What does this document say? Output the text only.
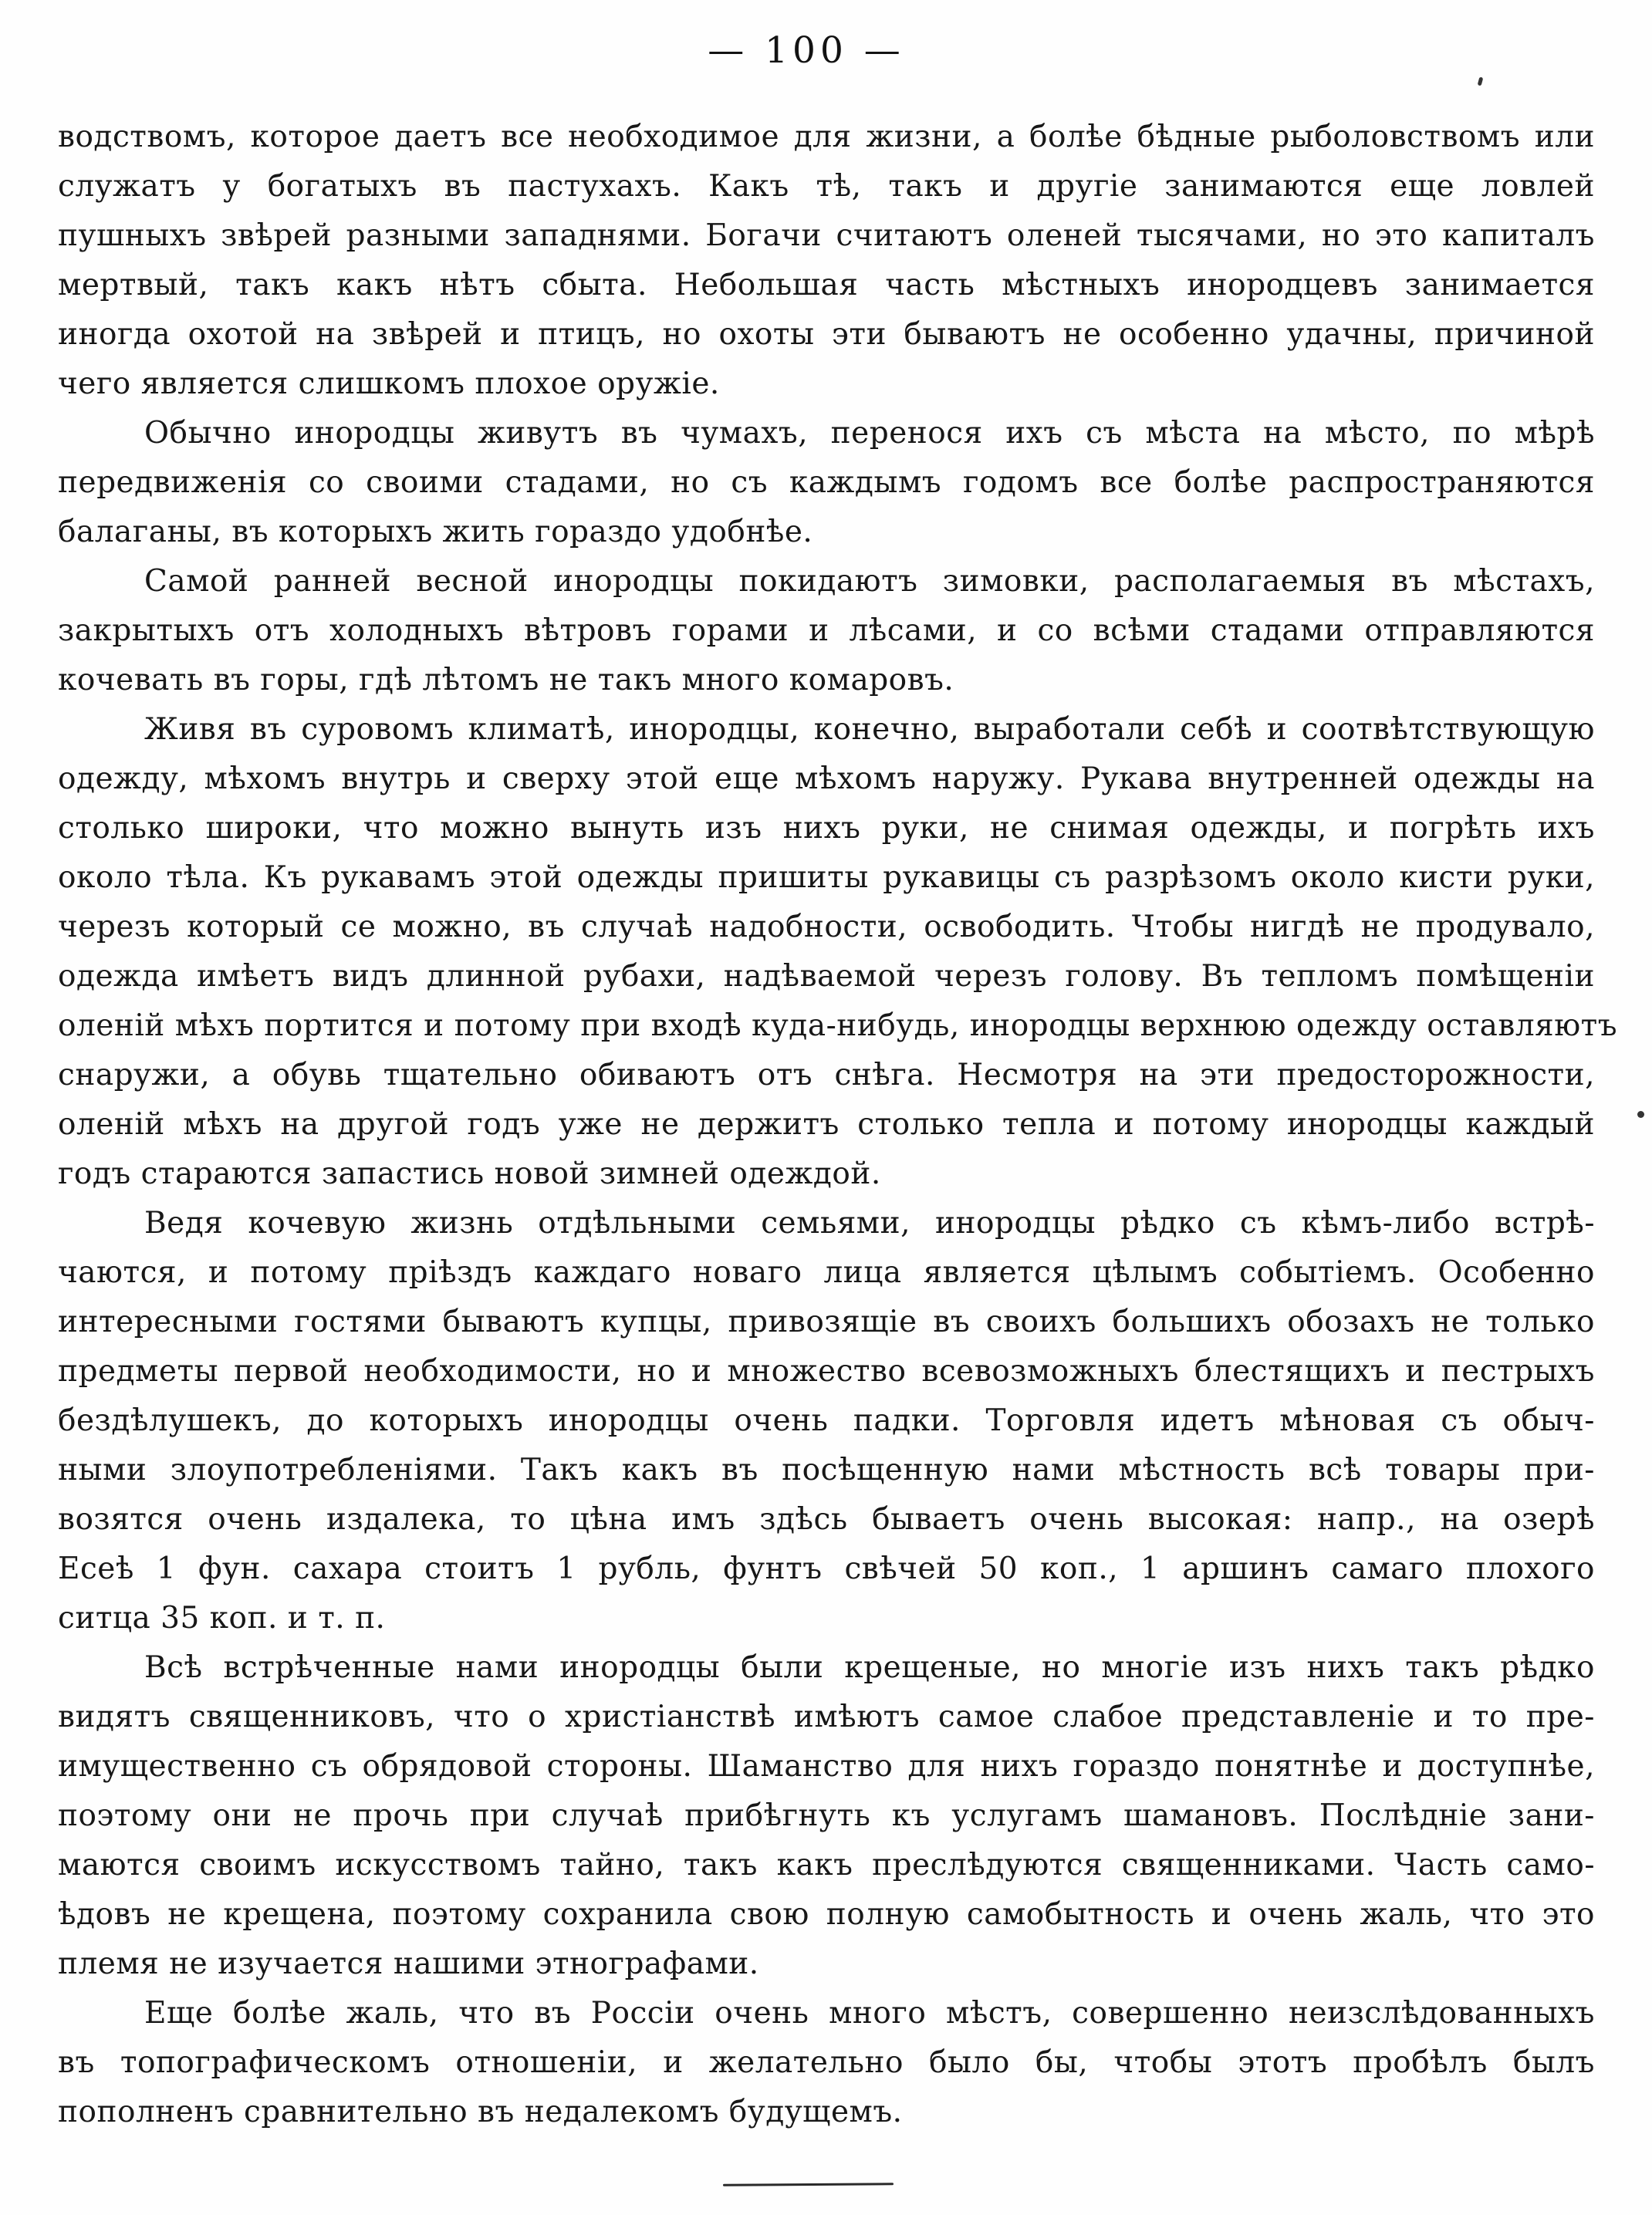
— 100 —
водствомъ, которое даетъ все необходимое для жизни, а болѣе бѣдные рыболовствомъ или
служатъ у богатыхъ въ пастухахъ. Какъ тѣ, такъ и другіе занимаются еще ловлей
пушныхъ звѣрей разными западнями. Богачи считаютъ оленей тысячами, но это капиталъ
мертвый, такъ какъ нѣтъ сбыта. Небольшая часть мѣстныхъ инородцевъ занимается
иногда охотой на звѣрей и птицъ, но охоты эти бываютъ не особенно удачны, причиной
чего является слишкомъ плохое оружіе.
Обычно инородцы живутъ въ чумахъ, перенося ихъ съ мѣста на мѣсто, по мѣрѣ
передвиженія со своими стадами, но съ каждымъ годомъ все болѣе распространяются
балаганы, въ которыхъ жить гораздо удобнѣе.
Самой ранней весной инородцы покидаютъ зимовки, располагаемыя въ мѣстахъ,
закрытыхъ отъ холодныхъ вѣтровъ горами и лѣсами, и со всѣми стадами отправляются
кочевать въ горы, гдѣ лѣтомъ не такъ много комаровъ.
Живя въ суровомъ климатѣ, инородцы, конечно, выработали себѣ и соотвѣтствующую
одежду, мѣхомъ внутрь и сверху этой еще мѣхомъ наружу. Рукава внутренней одежды на
столько широки, что можно вынуть изъ нихъ руки, не снимая одежды, и погрѣть ихъ
около тѣла. Къ рукавамъ этой одежды пришиты рукавицы съ разрѣзомъ около кисти руки,
черезъ который се можно, въ случаѣ надобности, освободить. Чтобы нигдѣ не продувало,
одежда имѣетъ видъ длинной рубахи, надѣваемой черезъ голову. Въ тепломъ помѣщеніи
оленій мѣхъ портится и потому при входѣ куда-нибудь, инородцы верхнюю одежду оставляютъ
снаружи, а обувь тщательно обиваютъ отъ снѣга. Несмотря на эти предосторожности,
оленій мѣхъ на другой годъ уже не держитъ столько тепла и потому инородцы каждый
годъ стараются запастись новой зимней одеждой.
Ведя кочевую жизнь отдѣльными семьями, инородцы рѣдко съ кѣмъ-либо встрѣ-
чаются, и потому пріѣздъ каждаго новаго лица является цѣлымъ событіемъ. Особенно
интересными гостями бываютъ купцы, привозящіе въ своихъ большихъ обозахъ не только
предметы первой необходимости, но и множество всевозможныхъ блестящихъ и пестрыхъ
бездѣлушекъ, до которыхъ инородцы очень падки. Торговля идетъ мѣновая съ обыч-
ными злоупотребленіями. Такъ какъ въ посѣщенную нами мѣстность всѣ товары при-
возятся очень издалека, то цѣна имъ здѣсь бываетъ очень высокая: напр., на озерѣ
Есеѣ 1 фун. сахара стоитъ 1 рубль, фунтъ свѣчей 50 коп., 1 аршинъ самаго плохого
ситца 35 коп. и т. п.
Всѣ встрѣченные нами инородцы были крещеные, но многіе изъ нихъ такъ рѣдко
видятъ священниковъ, что о христіанствѣ имѣютъ самое слабое представленіе и то пре-
имущественно съ обрядовой стороны. Шаманство для нихъ гораздо понятнѣе и доступнѣе,
поэтому они не прочь при случаѣ прибѣгнуть къ услугамъ шамановъ. Послѣдніе зани-
маются своимъ искусствомъ тайно, такъ какъ преслѣдуются священниками. Часть само-
ѣдовъ не крещена, поэтому сохранила свою полную самобытность и очень жаль, что это
племя не изучается нашими этнографами.
Еще болѣе жаль, что въ Россіи очень много мѣстъ, совершенно неизслѣдованныхъ
въ топографическомъ отношеніи, и желательно было бы, чтобы этотъ пробѣлъ былъ
пополненъ сравнительно въ недалекомъ будущемъ.
